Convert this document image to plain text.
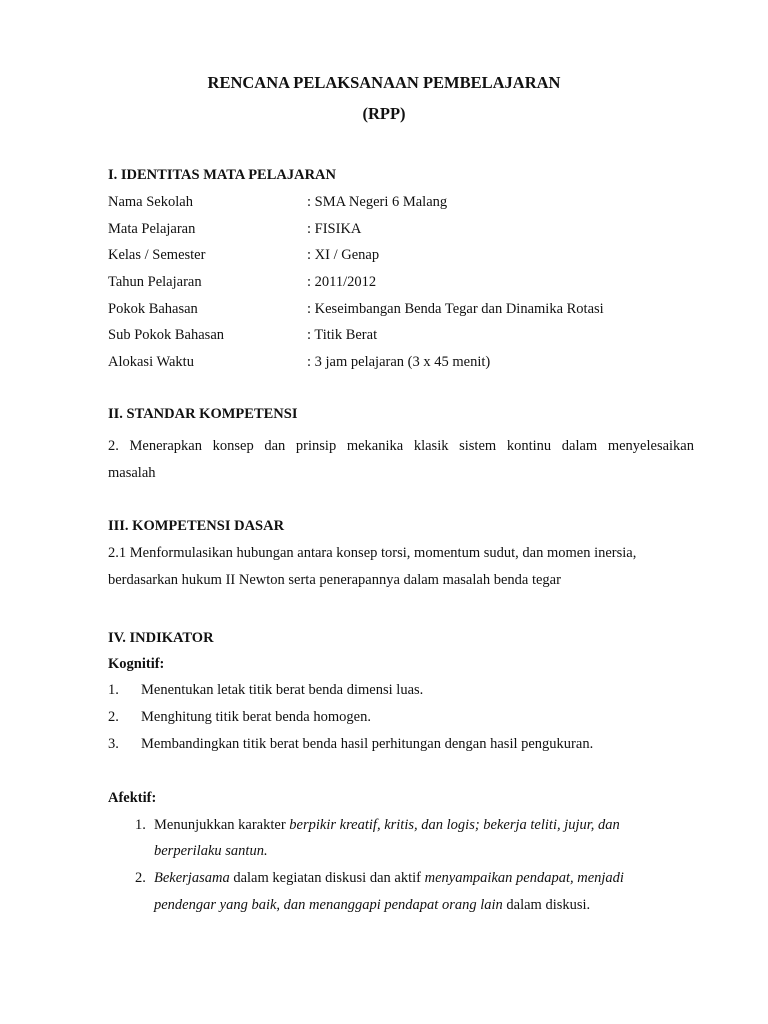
RENCANA PELAKSANAAN PEMBELAJARAN
(RPP)
I. IDENTITAS MATA PELAJARAN
Nama Sekolah	: SMA Negeri 6 Malang
Mata Pelajaran	: FISIKA
Kelas / Semester	: XI / Genap
Tahun Pelajaran	: 2011/2012
Pokok Bahasan	: Keseimbangan Benda Tegar dan Dinamika Rotasi
Sub Pokok Bahasan	: Titik Berat
Alokasi Waktu	: 3 jam pelajaran (3 x 45 menit)
II. STANDAR KOMPETENSI
2. Menerapkan konsep dan prinsip mekanika klasik sistem kontinu dalam menyelesaikan
masalah
III. KOMPETENSI DASAR
2.1 Menformulasikan hubungan antara konsep torsi, momentum sudut, dan momen inersia,
berdasarkan hukum II Newton serta penerapannya dalam masalah benda tegar
IV. INDIKATOR
Kognitif:
1. Menentukan letak titik berat benda dimensi luas.
2. Menghitung titik berat benda homogen.
3. Membandingkan titik berat benda hasil perhitungan dengan hasil pengukuran.
Afektif:
1. Menunjukkan karakter berpikir kreatif, kritis, dan logis; bekerja teliti, jujur, dan
berperilaku santun.
2. Bekerjasama dalam kegiatan diskusi dan aktif menyampaikan pendapat, menjadi
pendengar yang baik, dan menanggapi pendapat orang lain dalam diskusi.
